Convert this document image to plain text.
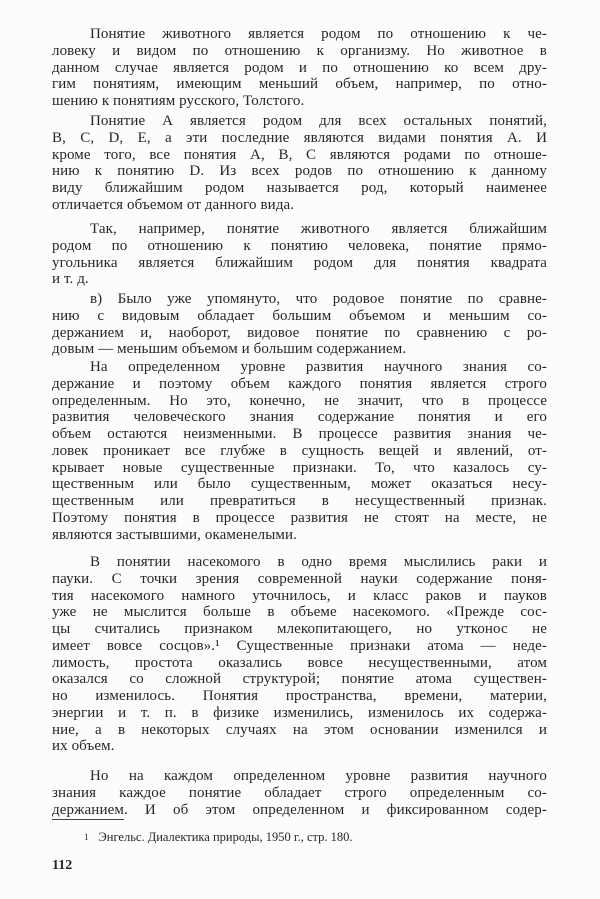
Понятие животного является родом по отношению к че-
ловеку и видом по отношению к организму. Но животное в
данном случае является родом и по отношению ко всем дру-
гим понятиям, имеющим меньший объем, например, по отно-
шению к понятиям русского, Толстого.
Понятие А является родом для всех остальных понятий,
В, С, D, Е, а эти последние являются видами понятия А. И
кроме того, все понятия А, В, С являются родами по отноше-
нию к понятию D. Из всех родов по отношению к данному
виду ближайшим родом называется род, который наименее
отличается объемом от данного вида.
Так, например, понятие животного является ближайшим
родом по отношению к понятию человека, понятие прямо-
угольника является ближайшим родом для понятия квадрата
и т. д.
в) Было уже упомянуто, что родовое понятие по сравне-
нию с видовым обладает большим объемом и меньшим со-
держанием и, наоборот, видовое понятие по сравнению с ро-
довым — меньшим объемом и большим содержанием.
На определенном уровне развития научного знания со-
держание и поэтому объем каждого понятия является строго
определенным. Но это, конечно, не значит, что в процессе
развития человеческого знания содержание понятия и его
объем остаются неизменными. В процессе развития знания че-
ловек проникает все глубже в сущность вещей и явлений, от-
крывает новые существенные признаки. То, что казалось су-
щественным или было существенным, может оказаться несу-
щественным или превратиться в несущественный признак.
Поэтому понятия в процессе развития не стоят на месте, не
являются застывшими, окаменелыми.
В понятии насекомого в одно время мыслились раки и
пауки. С точки зрения современной науки содержание поня-
тия насекомого намного уточнилось, и класс раков и пауков
уже не мыслится больше в объеме насекомого. «Прежде сос-
цы считались признаком млекопитающего, но утконос не
имеет вовсе сосцов».¹ Существенные признаки атома — неде-
лимость, простота оказались вовсе несущественными, атом
оказался со сложной структурой; понятие атома существен-
но изменилось. Понятия пространства, времени, материи,
энергии и т. п. в физике изменились, изменилось их содержа-
ние, а в некоторых случаях на этом основании изменился и
их объем.
Но на каждом определенном уровне развития научного
знания каждое понятие обладает строго определенным со-
держанием. И об этом определенном и фиксированном содер-
$^1$ Энгельс. Диалектика природы, 1950 г., стр. 180.
112
